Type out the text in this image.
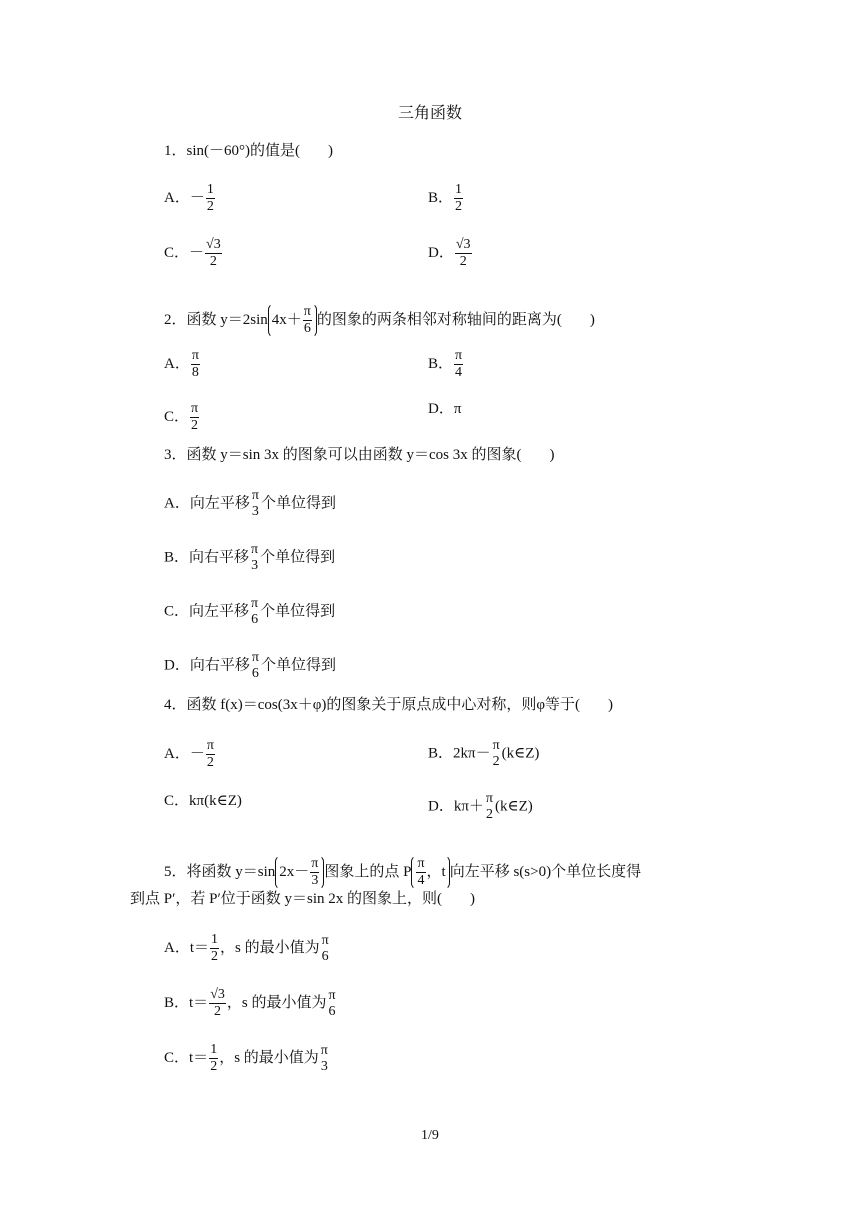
三角函数
1．sin(－60°)的值是( )
A．－ $\frac{1}{2}$	B． $\frac{1}{2}$
C．－ $\frac{√3}{2}$	D． $\frac{√3}{2}$
2．函数 y＝2sin $4x+ \frac{\pi}{6}$ 的图象的两条相邻对称轴间的距离为( )
A． $\frac{\pi}{8}$	B． $\frac{\pi}{4}$
C． $\frac{\pi}{2}$	D．π
3．函数 y＝sin 3x 的图象可以由函数 y＝cos 3x 的图象( )
A．向左平移 π
3
个单位得到
B．向右平移 π
3
个单位得到
C．向左平移 π
6
个单位得到
D．向右平移 π
6
个单位得到
4．函数 f(x)＝cos(3x＋φ)的图象关于原点成中心对称，则φ等于( )
A．－ $\frac{\pi}{2}$	B．2kπ－ π
2
(k∈Z)
C．kπ(k∈Z)	D．kπ＋ π
2
(k∈Z)
5．将函数 y＝sin $2x- \frac{\pi}{3}$ 图象上的点 P $\frac{\pi}{4}$ ，t 向左平移 s(s>0)个单位长度得
到点 P′，若 P′位于函数 y＝sin 2x 的图象上，则( )
A．$t= \frac{1}{2}$ ，s 的最小值为 π
6
B．$t= \frac{√3}{2}$ ，s 的最小值为 π
6
C．$t= \frac{1}{2}$ ，s 的最小值为 π
3
1/9
